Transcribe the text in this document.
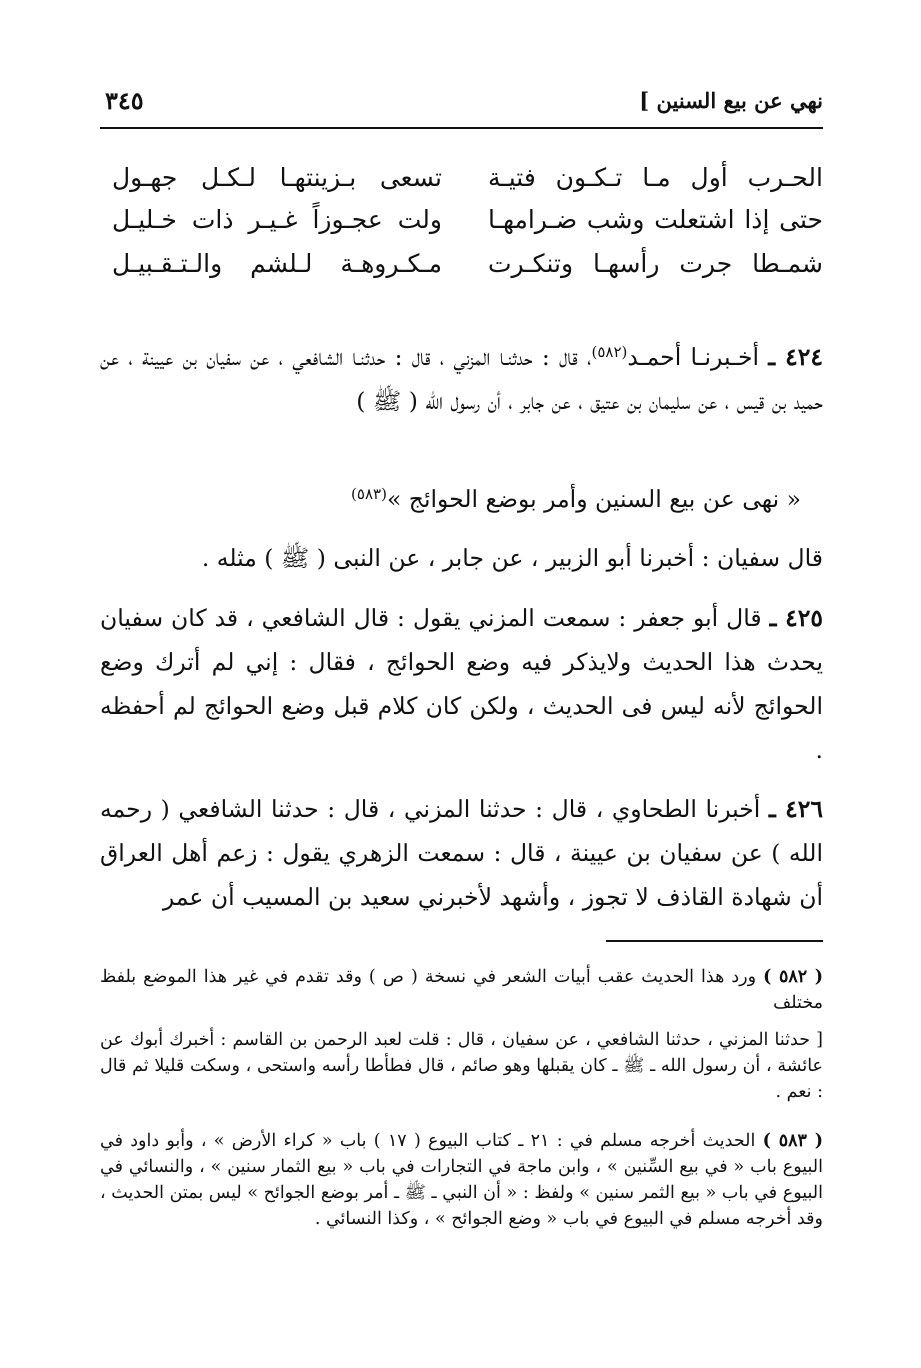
نهي عن بيع السنين ]
٣٤٥
الحـرب أول مـا تـكـون فتيـة
تسعى بـزينتهـا لـكـل جهـول
حتى إذا اشتعلت وشب ضـرامهـا
ولت عجـوزاً غـيـر ذات خـليـل
شمـطا جرت رأسهـا وتنكـرت
مـكـروهـة لـلشم والـتـقـبيـل
٤٢٤ ـ أخـبرنـا أحمـد$^{(٥٨٢)}$، قال : حدثنـا المزني ، قال : حدثنـا الشافعي ، عن سفيان بن عيينة ، عن حميد بن قيس ، عن سليمان بن عتيق ، عن جابر ، أن رسول الله ( ﷺ )
« نهى عن بيع السنين وأمر بوضع الحوائج »$^{(٥٨٣)}$
قال سفيان : أخبرنا أبو الزبير ، عن جابر ، عن النبى ( ﷺ ) مثله .
٤٢٥ ـ قال أبو جعفر : سمعت المزني يقول : قال الشافعي ، قد كان سفيان يحدث هذا الحديث ولايذكر فيه وضع الحوائج ، فقال : إني لم أترك وضع الحوائج لأنه ليس فى الحديث ، ولكن كان كلام قبل وضع الحوائج لم أحفظه .
٤٢٦ ـ أخبرنا الطحاوي ، قال : حدثنا المزني ، قال : حدثنا الشافعي ( رحمه الله ) عن سفيان بن عيينة ، قال : سمعت الزهري يقول : زعم أهل العراق أن شهادة القاذف لا تجوز ، وأشهد لأخبرني سعيد بن المسيب أن عمر
( ٥٨٢ ) ورد هذا الحديث عقب أبيات الشعر في نسخة ( ص ) وقد تقدم في غير هذا الموضع بلفظ مختلف
[ حدثنا المزني ، حدثنا الشافعي ، عن سفيان ، قال : قلت لعبد الرحمن بن القاسم : أخبرك أبوك عن عائشة ، أن رسول الله ـ ﷺ ـ كان يقبلها وهو صائم ، قال فطأطا رأسه واستحى ، وسكت قليلا ثم قال : نعم .
( ٥٨٣ ) الحديث أخرجه مسلم في : ٢١ ـ كتاب البيوع ( ١٧ ) باب « كراء الأرض » ، وأبو داود في البيوع باب « في بيع السِّنين » ، وابن ماجة في التجارات في باب « بيع الثمار سنين » ، والنسائي في البيوع في باب « بيع الثمر سنين » ولفظ : « أن النبي ـ ﷺ ـ أمر بوضع الجوائح » ليس بمتن الحديث ، وقد أخرجه مسلم في البيوع في باب « وضع الجوائح » ، وكذا النسائي .
